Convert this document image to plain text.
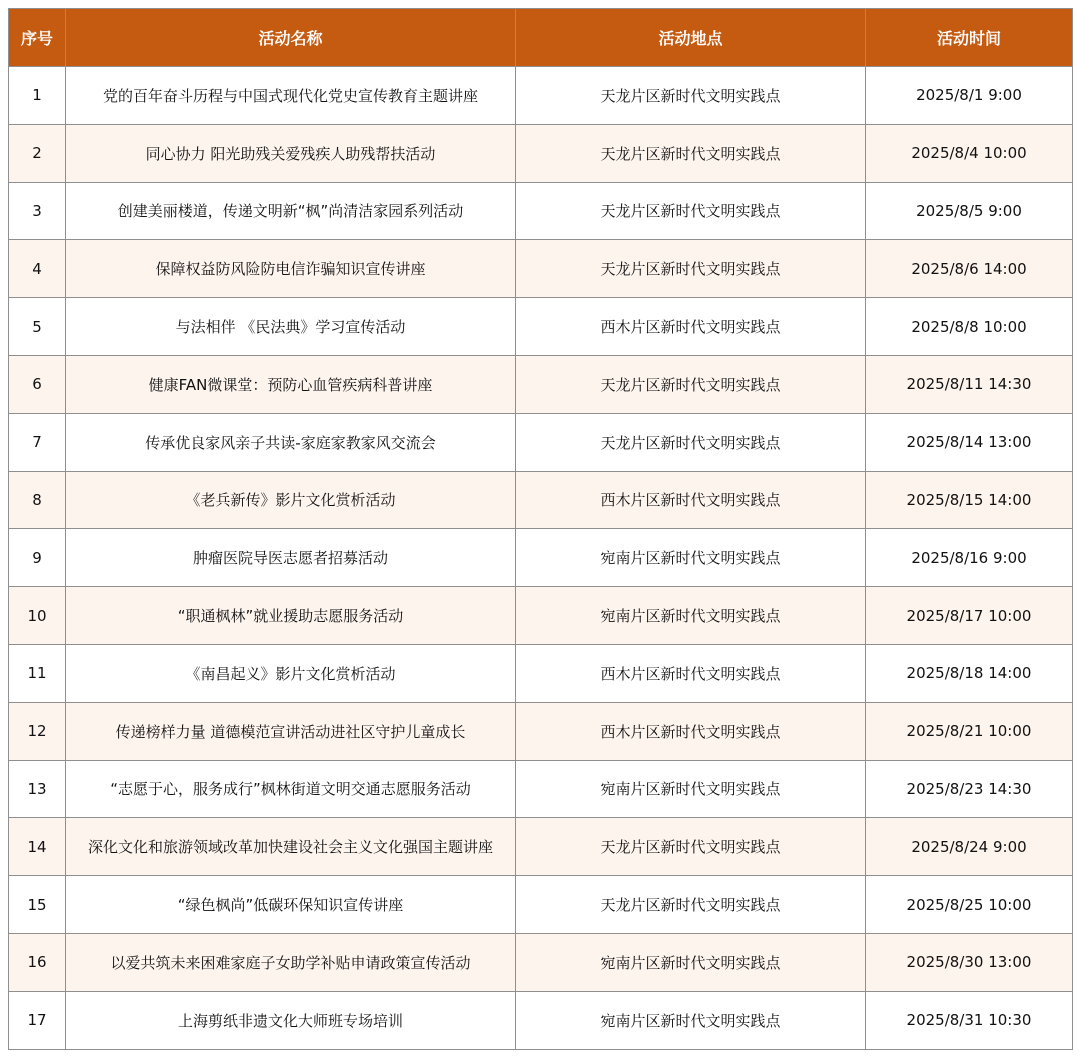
序号	活动名称	活动地点	活动时间
1	党的百年奋斗历程与中国式现代化党史宣传教育主题讲座	天龙片区新时代文明实践点	2025/8/1 9:00
2	同心协力 阳光助残关爱残疾人助残帮扶活动	天龙片区新时代文明实践点	2025/8/4 10:00
3	创建美丽楼道，传递文明新“枫”尚清洁家园系列活动	天龙片区新时代文明实践点	2025/8/5 9:00
4	保障权益防风险防电信诈骗知识宣传讲座	天龙片区新时代文明实践点	2025/8/6 14:00
5	与法相伴 《民法典》学习宣传活动	西木片区新时代文明实践点	2025/8/8 10:00
6	健康FAN微课堂：预防心血管疾病科普讲座	天龙片区新时代文明实践点	2025/8/11 14:30
7	传承优良家风亲子共读-家庭家教家风交流会	天龙片区新时代文明实践点	2025/8/14 13:00
8	《老兵新传》影片文化赏析活动	西木片区新时代文明实践点	2025/8/15 14:00
9	肿瘤医院导医志愿者招募活动	宛南片区新时代文明实践点	2025/8/16 9:00
10	“职通枫林”就业援助志愿服务活动	宛南片区新时代文明实践点	2025/8/17 10:00
11	《南昌起义》影片文化赏析活动	西木片区新时代文明实践点	2025/8/18 14:00
12	传递榜样力量 道德模范宣讲活动进社区守护儿童成长	西木片区新时代文明实践点	2025/8/21 10:00
13	“志愿于心，服务成行”枫林街道文明交通志愿服务活动	宛南片区新时代文明实践点	2025/8/23 14:30
14	深化文化和旅游领域改革加快建设社会主义文化强国主题讲座	天龙片区新时代文明实践点	2025/8/24 9:00
15	“绿色枫尚”低碳环保知识宣传讲座	天龙片区新时代文明实践点	2025/8/25 10:00
16	以爱共筑未来困难家庭子女助学补贴申请政策宣传活动	宛南片区新时代文明实践点	2025/8/30 13:00
17	上海剪纸非遗文化大师班专场培训	宛南片区新时代文明实践点	2025/8/31 10:30
